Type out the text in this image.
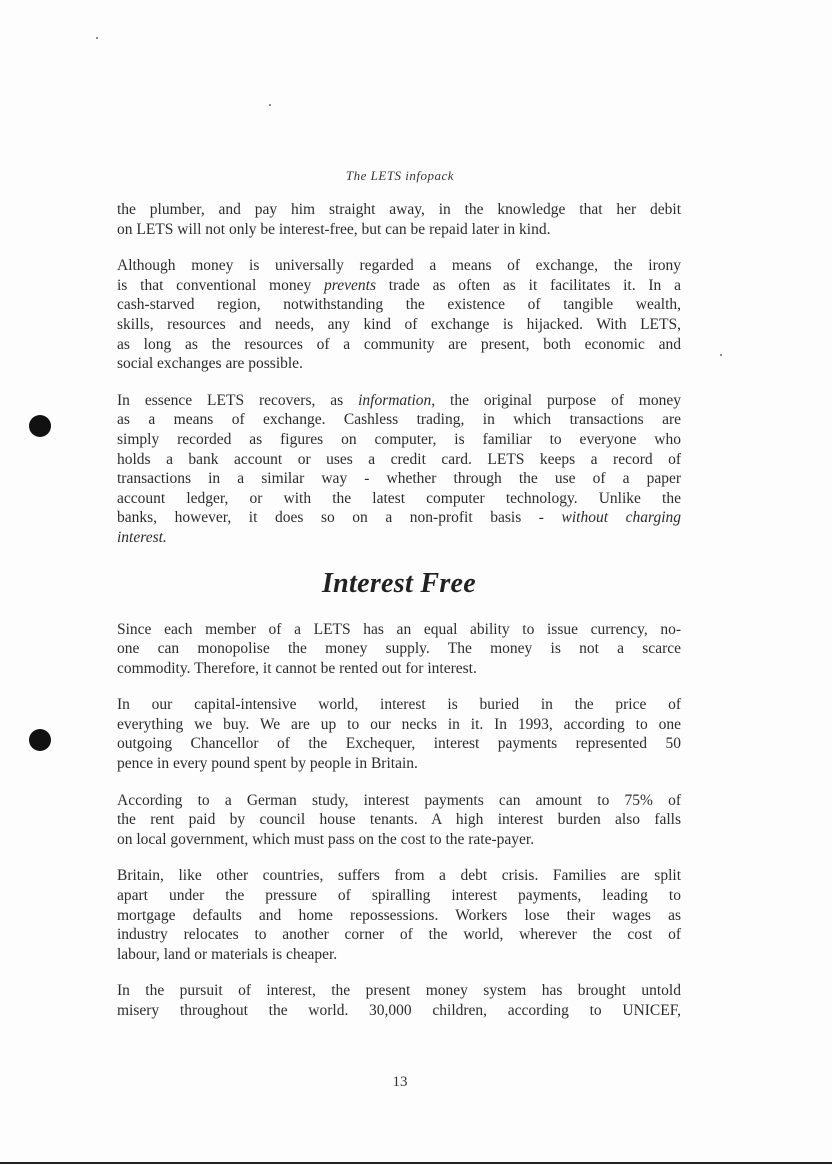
The LETS infopack

the plumber, and pay him straight away, in the knowledge that her debit
on LETS will not only be interest-free, but can be repaid later in kind.

Although money is universally regarded a means of exchange, the irony
is that conventional money prevents trade as often as it facilitates it. In a
cash-starved region, notwithstanding the existence of tangible wealth,
skills, resources and needs, any kind of exchange is hijacked. With LETS,
as long as the resources of a community are present, both economic and
social exchanges are possible.

In essence LETS recovers, as information, the original purpose of money
as a means of exchange. Cashless trading, in which transactions are
simply recorded as figures on computer, is familiar to everyone who
holds a bank account or uses a credit card. LETS keeps a record of
transactions in a similar way - whether through the use of a paper
account ledger, or with the latest computer technology. Unlike the
banks, however, it does so on a non-profit basis - without charging
interest.

Interest Free

Since each member of a LETS has an equal ability to issue currency, no-
one can monopolise the money supply. The money is not a scarce
commodity. Therefore, it cannot be rented out for interest.

In our capital-intensive world, interest is buried in the price of
everything we buy. We are up to our necks in it. In 1993, according to one
outgoing Chancellor of the Exchequer, interest payments represented 50
pence in every pound spent by people in Britain.

According to a German study, interest payments can amount to 75% of
the rent paid by council house tenants. A high interest burden also falls
on local government, which must pass on the cost to the rate-payer.

Britain, like other countries, suffers from a debt crisis. Families are split
apart under the pressure of spiralling interest payments, leading to
mortgage defaults and home repossessions. Workers lose their wages as
industry relocates to another corner of the world, wherever the cost of
labour, land or materials is cheaper.

In the pursuit of interest, the present money system has brought untold
misery throughout the world. 30,000 children, according to UNICEF,

13
